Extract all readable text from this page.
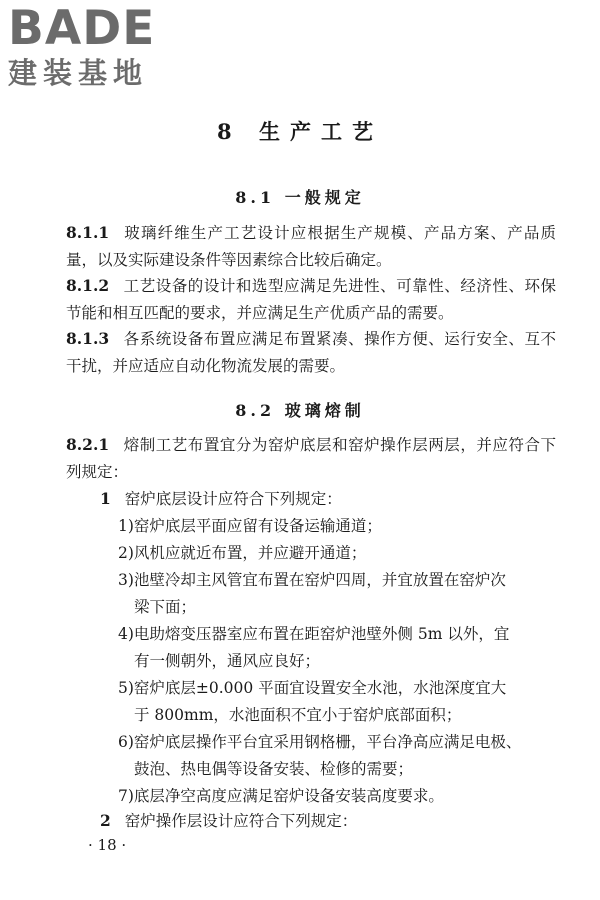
BADE
建装基地
8 生产工艺
8.1 一般规定
8.1.1 玻璃纤维生产工艺设计应根据生产规模、产品方案、产品质量，以及实际建设条件等因素综合比较后确定。
8.1.2 工艺设备的设计和选型应满足先进性、可靠性、经济性、环保节能和相互匹配的要求，并应满足生产优质产品的需要。
8.1.3 各系统设备布置应满足布置紧凑、操作方便、运行安全、互不干扰，并应适应自动化物流发展的需要。
8.2 玻璃熔制
8.2.1 熔制工艺布置宜分为窑炉底层和窑炉操作层两层，并应符合下列规定：
1 窑炉底层设计应符合下列规定：
1)窑炉底层平面应留有设备运输通道；
2)风机应就近布置，并应避开通道；
3)池壁冷却主风管宜布置在窑炉四周，并宜放置在窑炉次
梁下面；
4)电助熔变压器室应布置在距窑炉池壁外侧 5m 以外，宜
有一侧朝外，通风应良好；
5)窑炉底层±0.000 平面宜设置安全水池，水池深度宜大
于 800mm，水池面积不宜小于窑炉底部面积；
6)窑炉底层操作平台宜采用钢格栅，平台净高应满足电极、
鼓泡、热电偶等设备安装、检修的需要；
7)底层净空高度应满足窑炉设备安装高度要求。
2 窑炉操作层设计应符合下列规定：
· 18 ·
